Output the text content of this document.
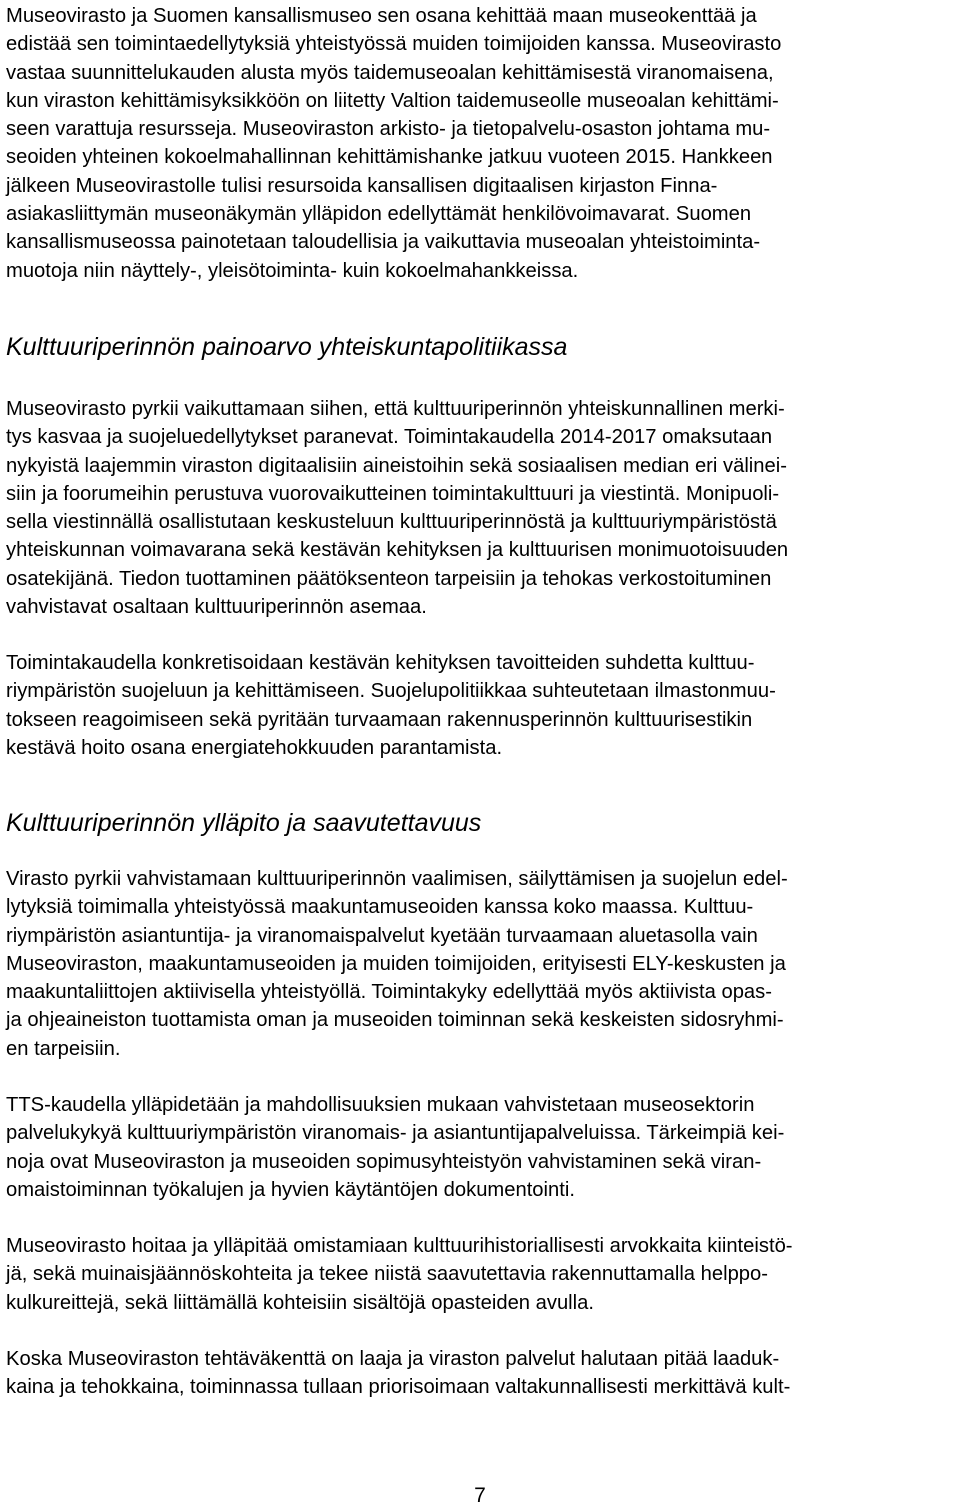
Museovirasto ja Suomen kansallismuseo sen osana kehittää maan museokenttää ja
edistää sen toimintaedellytyksiä yhteistyössä muiden toimijoiden kanssa. Museovirasto
vastaa suunnittelukauden alusta myös taidemuseoalan kehittämisestä viranomaisena,
kun viraston kehittämisyksikköön on liitetty Valtion taidemuseolle museoalan kehittämi-
seen varattuja resursseja. Museoviraston arkisto- ja tietopalvelu-osaston johtama mu-
seoiden yhteinen kokoelmahallinnan kehittämishanke jatkuu vuoteen 2015. Hankkeen
jälkeen Museovirastolle tulisi resursoida kansallisen digitaalisen kirjaston Finna-
asiakasliittymän museonäkymän ylläpidon edellyttämät henkilövoimavarat. Suomen
kansallismuseossa painotetaan taloudellisia ja vaikuttavia museoalan yhteistoiminta-
muotoja niin näyttely-, yleisötoiminta- kuin kokoelmahankkeissa.
Kulttuuriperinnön painoarvo yhteiskuntapolitiikassa
Museovirasto pyrkii vaikuttamaan siihen, että kulttuuriperinnön yhteiskunnallinen merki-
tys kasvaa ja suojeluedellytykset paranevat. Toimintakaudella 2014-2017 omaksutaan
nykyistä laajemmin viraston digitaalisiin aineistoihin sekä sosiaalisen median eri välinei-
siin ja foorumeihin perustuva vuorovaikutteinen toimintakulttuuri ja viestintä. Monipuoli-
sella viestinnällä osallistutaan keskusteluun kulttuuriperinnöstä ja kulttuuriympäristöstä
yhteiskunnan voimavarana sekä kestävän kehityksen ja kulttuurisen monimuotoisuuden
osatekijänä. Tiedon tuottaminen päätöksenteon tarpeisiin ja tehokas verkostoituminen
vahvistavat osaltaan kulttuuriperinnön asemaa.
Toimintakaudella konkretisoidaan kestävän kehityksen tavoitteiden suhdetta kulttuu-
riympäristön suojeluun ja kehittämiseen. Suojelupolitiikkaa suhteutetaan ilmastonmuu-
tokseen reagoimiseen sekä pyritään turvaamaan rakennusperinnön kulttuurisestikin
kestävä hoito osana energiatehokkuuden parantamista.
Kulttuuriperinnön ylläpito ja saavutettavuus
Virasto pyrkii vahvistamaan kulttuuriperinnön vaalimisen, säilyttämisen ja suojelun edel-
lytyksiä toimimalla yhteistyössä maakuntamuseoiden kanssa koko maassa. Kulttuu-
riympäristön asiantuntija- ja viranomaispalvelut kyetään turvaamaan aluetasolla vain
Museoviraston, maakuntamuseoiden ja muiden toimijoiden, erityisesti ELY-keskusten ja
maakuntaliittojen aktiivisella yhteistyöllä. Toimintakyky edellyttää myös aktiivista opas-
ja ohjeaineiston tuottamista oman ja museoiden toiminnan sekä keskeisten sidosryhmi-
en tarpeisiin.
TTS-kaudella ylläpidetään ja mahdollisuuksien mukaan vahvistetaan museosektorin
palvelukykyä kulttuuriympäristön viranomais- ja asiantuntijapalveluissa. Tärkeimpiä kei-
noja ovat Museoviraston ja museoiden sopimusyhteistyön vahvistaminen sekä viran-
omaistoiminnan työkalujen ja hyvien käytäntöjen dokumentointi.
Museovirasto hoitaa ja ylläpitää omistamiaan kulttuurihistoriallisesti arvokkaita kiinteistö-
jä, sekä muinaisjäännöskohteita ja tekee niistä saavutettavia rakennuttamalla helppo-
kulkureittejä, sekä liittämällä kohteisiin sisältöjä opasteiden avulla.
Koska Museoviraston tehtäväkenttä on laaja ja viraston palvelut halutaan pitää laaduk-
kaina ja tehokkaina, toiminnassa tullaan priorisoimaan valtakunnallisesti merkittävä kult-
7
